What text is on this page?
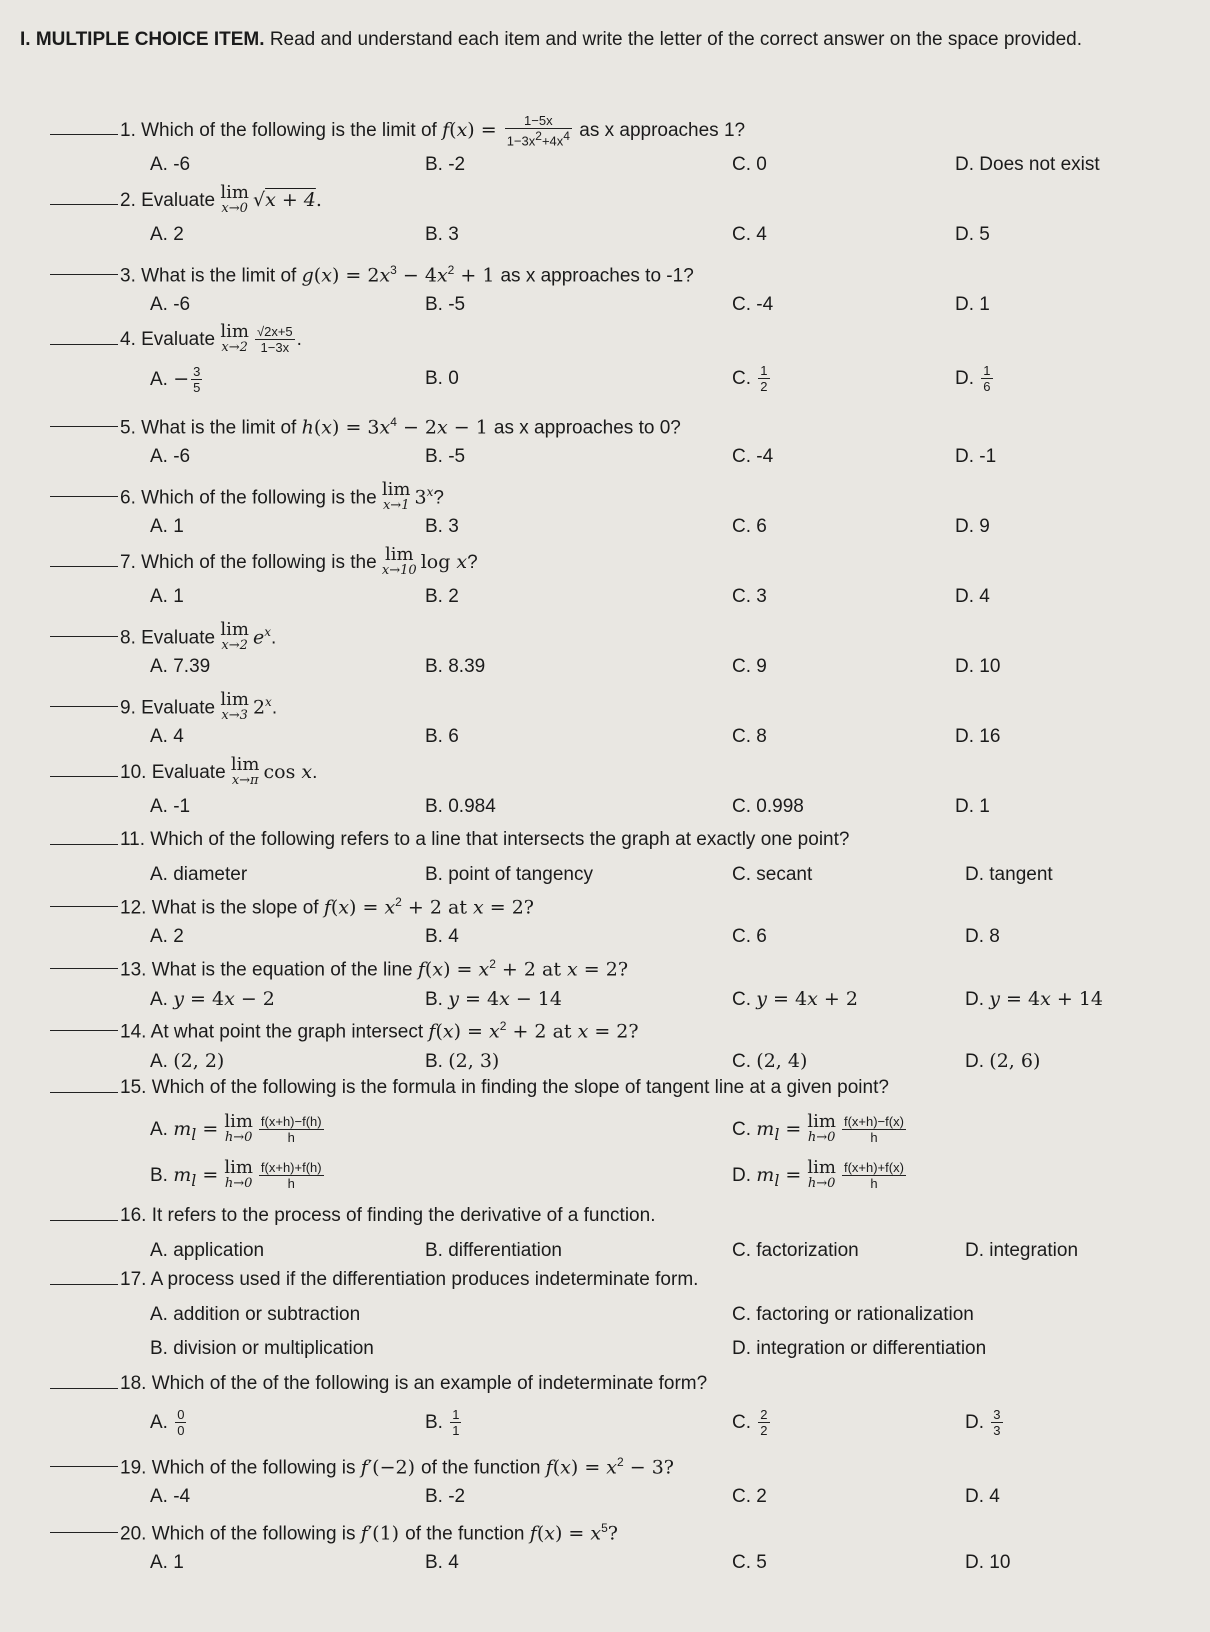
I. MULTIPLE CHOICE ITEM. Read and understand each item and write the letter of the correct answer on the space provided.
1. Which of the following is the limit of $f(x) = \frac{1-5x}{1-3x^2+4x^4}$ as x approaches 1?
A. -6	B. -2	C. 0	D. Does not exist
2. Evaluate lim
x→0 √x + 4.
A. 2	B. 3	C. 4	D. 5
3. What is the limit of $g(x) = 2x^3 - 4x^2 + 1$ as x approaches to -1?
A. -6	B. -5	C. -4	D. 1
4. Evaluate lim
$x\to 2 \frac{√2x+5}{1-3x}$ .
A. − $\frac{3}{5}$	B. 0	C. $\frac{1}{2}$	D. $\frac{1}{6}$
5. What is the limit of $h(x) = 3x^4 - 2x - 1$ as x approaches to 0?
A. -6	B. -5	C. -4	D. -1
6. Which of the following is the lim
x→1 3$^x$?
A. 1	B. 3	C. 6	D. 9
7. Which of the following is the lim
x→10 log x?
A. 1	B. 2	C. 3	D. 4
8. Evaluate lim
x→2 $e^x$.
A. 7.39	B. 8.39	C. 9	D. 10
9. Evaluate lim
x→3 2$^x$.
A. 4	B. 6	C. 8	D. 16
10. Evaluate lim
x→π cos x.
A. -1	B. 0.984	C. 0.998	D. 1
11. Which of the following refers to a line that intersects the graph at exactly one point?
A. diameter	B. point of tangency	C. secant	D. tangent
12. What is the slope of $f(x) = x^2 + 2$ at x = 2?
A. 2	B. 4	C. 6	D. 8
13. What is the equation of the line $f(x) = x^2 + 2$ at x = 2?
A. y = 4x − 2	B. y = 4x − 14	C. y = 4x + 2	D. y = 4x + 14
14. At what point the graph intersect $f(x) = x^2 + 2$ at x = 2?
A. (2, 2)	B. (2, 3)	C. (2, 4)	D. (2, 6)
15. Which of the following is the formula in finding the slope of tangent line at a given point?
A. $m_l = \lim$
$h\to 0 \frac{f(x+h)-f(h)}{h}$	C. $m_l = \lim$
$h\to 0 \frac{f(x+h)-f(x)}{h}$
B. $m_l = \lim$
$h\to 0 \frac{f(x+h)+f(h)}{h}$	D. $m_l = \lim$
$h\to 0 \frac{f(x+h)+f(x)}{h}$
16. It refers to the process of finding the derivative of a function.
A. application	B. differentiation	C. factorization	D. integration
17. A process used if the differentiation produces indeterminate form.
A. addition or subtraction	C. factoring or rationalization
B. division or multiplication	D. integration or differentiation
18. Which of the of the following is an example of indeterminate form?
A. $\frac{0}{0}$	B. $\frac{1}{1}$	C. $\frac{2}{2}$	D. $\frac{3}{3}$
19. Which of the following is f′(−2) of the function $f(x) = x^2 - 3$?
A. -4	B. -2	C. 2	D. 4
20. Which of the following is f′(1) of the function $f(x) = x^5$?
A. 1	B. 4	C. 5	D. 10
